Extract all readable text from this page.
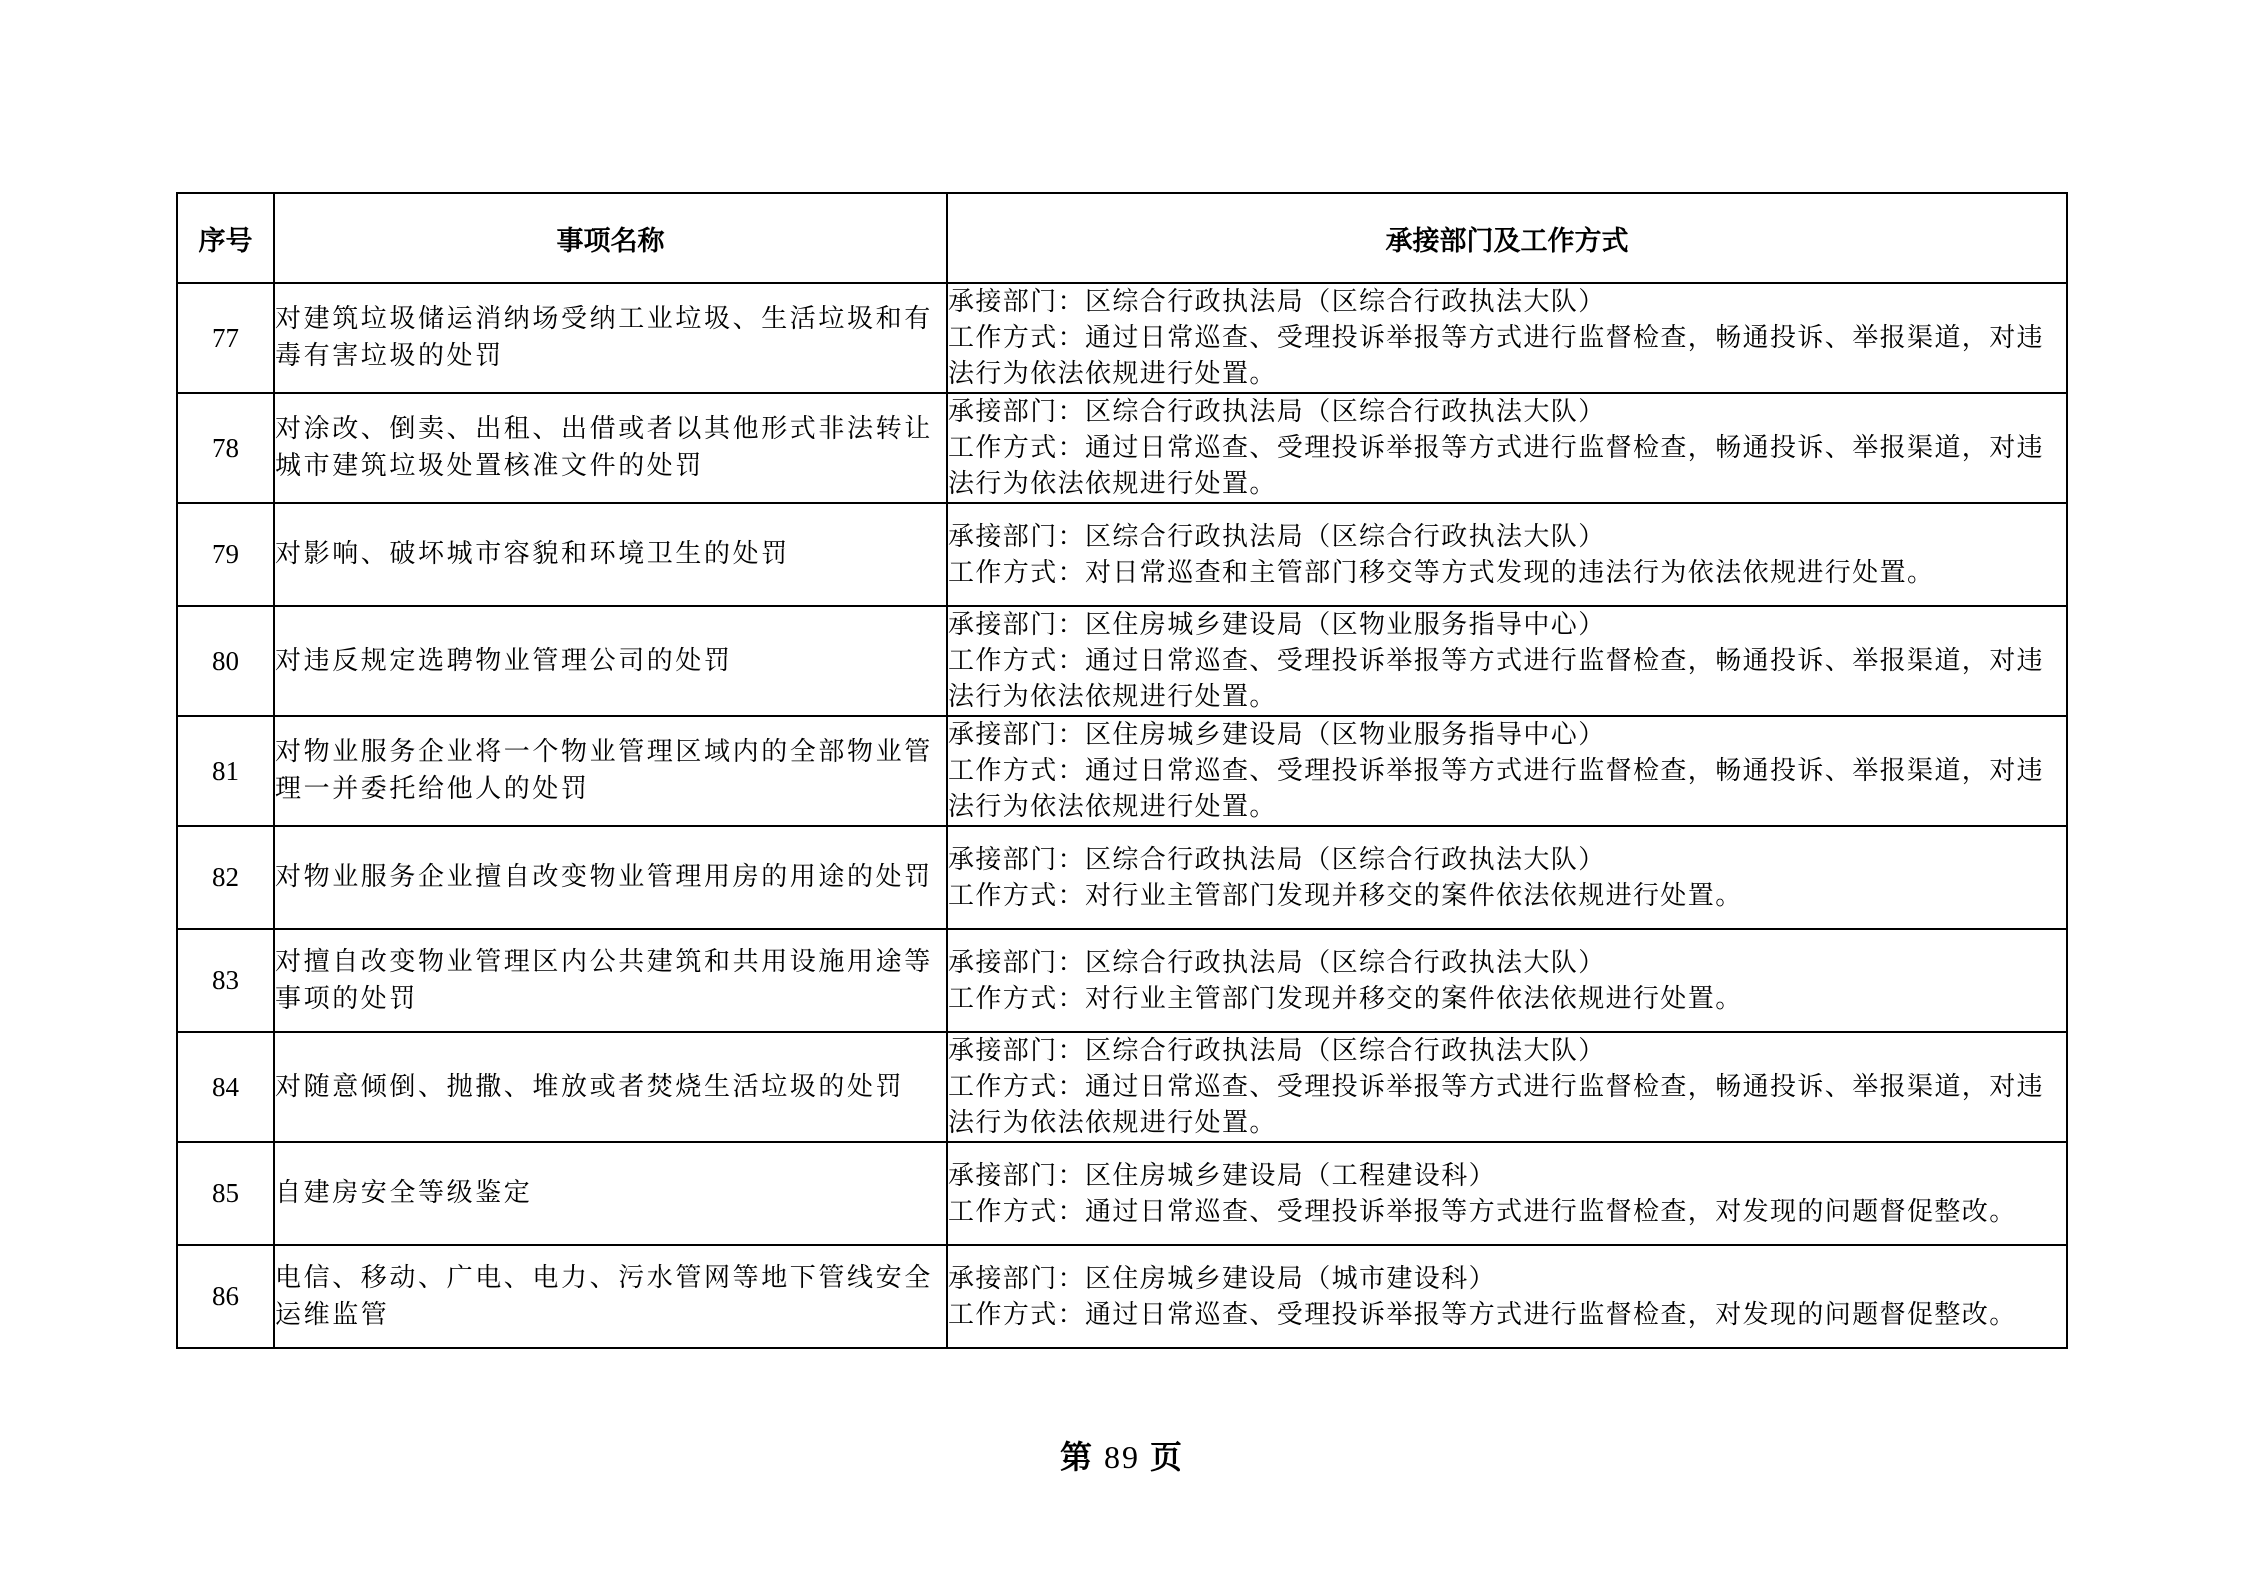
序号	事项名称	承接部门及工作方式
77	对建筑垃圾储运消纳场受纳工业垃圾、生活垃圾和有毒有害垃圾的处罚	承接部门：区综合行政执法局（区综合行政执法大队）
工作方式：通过日常巡查、受理投诉举报等方式进行监督检查，畅通投诉、举报渠道，对违法行为依法依规进行处置。

78	对涂改、倒卖、出租、出借或者以其他形式非法转让城市建筑垃圾处置核准文件的处罚	承接部门：区综合行政执法局（区综合行政执法大队）
工作方式：通过日常巡查、受理投诉举报等方式进行监督检查，畅通投诉、举报渠道，对违法行为依法依规进行处置。

79	对影响、破坏城市容貌和环境卫生的处罚	承接部门：区综合行政执法局（区综合行政执法大队）
工作方式：对日常巡查和主管部门移交等方式发现的违法行为依法依规进行处置。

80	对违反规定选聘物业管理公司的处罚	承接部门：区住房城乡建设局（区物业服务指导中心）
工作方式：通过日常巡查、受理投诉举报等方式进行监督检查，畅通投诉、举报渠道，对违法行为依法依规进行处置。

81	对物业服务企业将一个物业管理区域内的全部物业管理一并委托给他人的处罚	承接部门：区住房城乡建设局（区物业服务指导中心）
工作方式：通过日常巡查、受理投诉举报等方式进行监督检查，畅通投诉、举报渠道，对违法行为依法依规进行处置。

82	对物业服务企业擅自改变物业管理用房的用途的处罚	承接部门：区综合行政执法局（区综合行政执法大队）
工作方式：对行业主管部门发现并移交的案件依法依规进行处置。

83	对擅自改变物业管理区内公共建筑和共用设施用途等事项的处罚	承接部门：区综合行政执法局（区综合行政执法大队）
工作方式：对行业主管部门发现并移交的案件依法依规进行处置。

84	对随意倾倒、抛撒、堆放或者焚烧生活垃圾的处罚	承接部门：区综合行政执法局（区综合行政执法大队）
工作方式：通过日常巡查、受理投诉举报等方式进行监督检查，畅通投诉、举报渠道，对违法行为依法依规进行处置。

85	自建房安全等级鉴定	承接部门：区住房城乡建设局（工程建设科）
工作方式：通过日常巡查、受理投诉举报等方式进行监督检查，对发现的问题督促整改。

86	电信、移动、广电、电力、污水管网等地下管线安全运维监管	承接部门：区住房城乡建设局（城市建设科）
工作方式：通过日常巡查、受理投诉举报等方式进行监督检查，对发现的问题督促整改。
第 89 页
